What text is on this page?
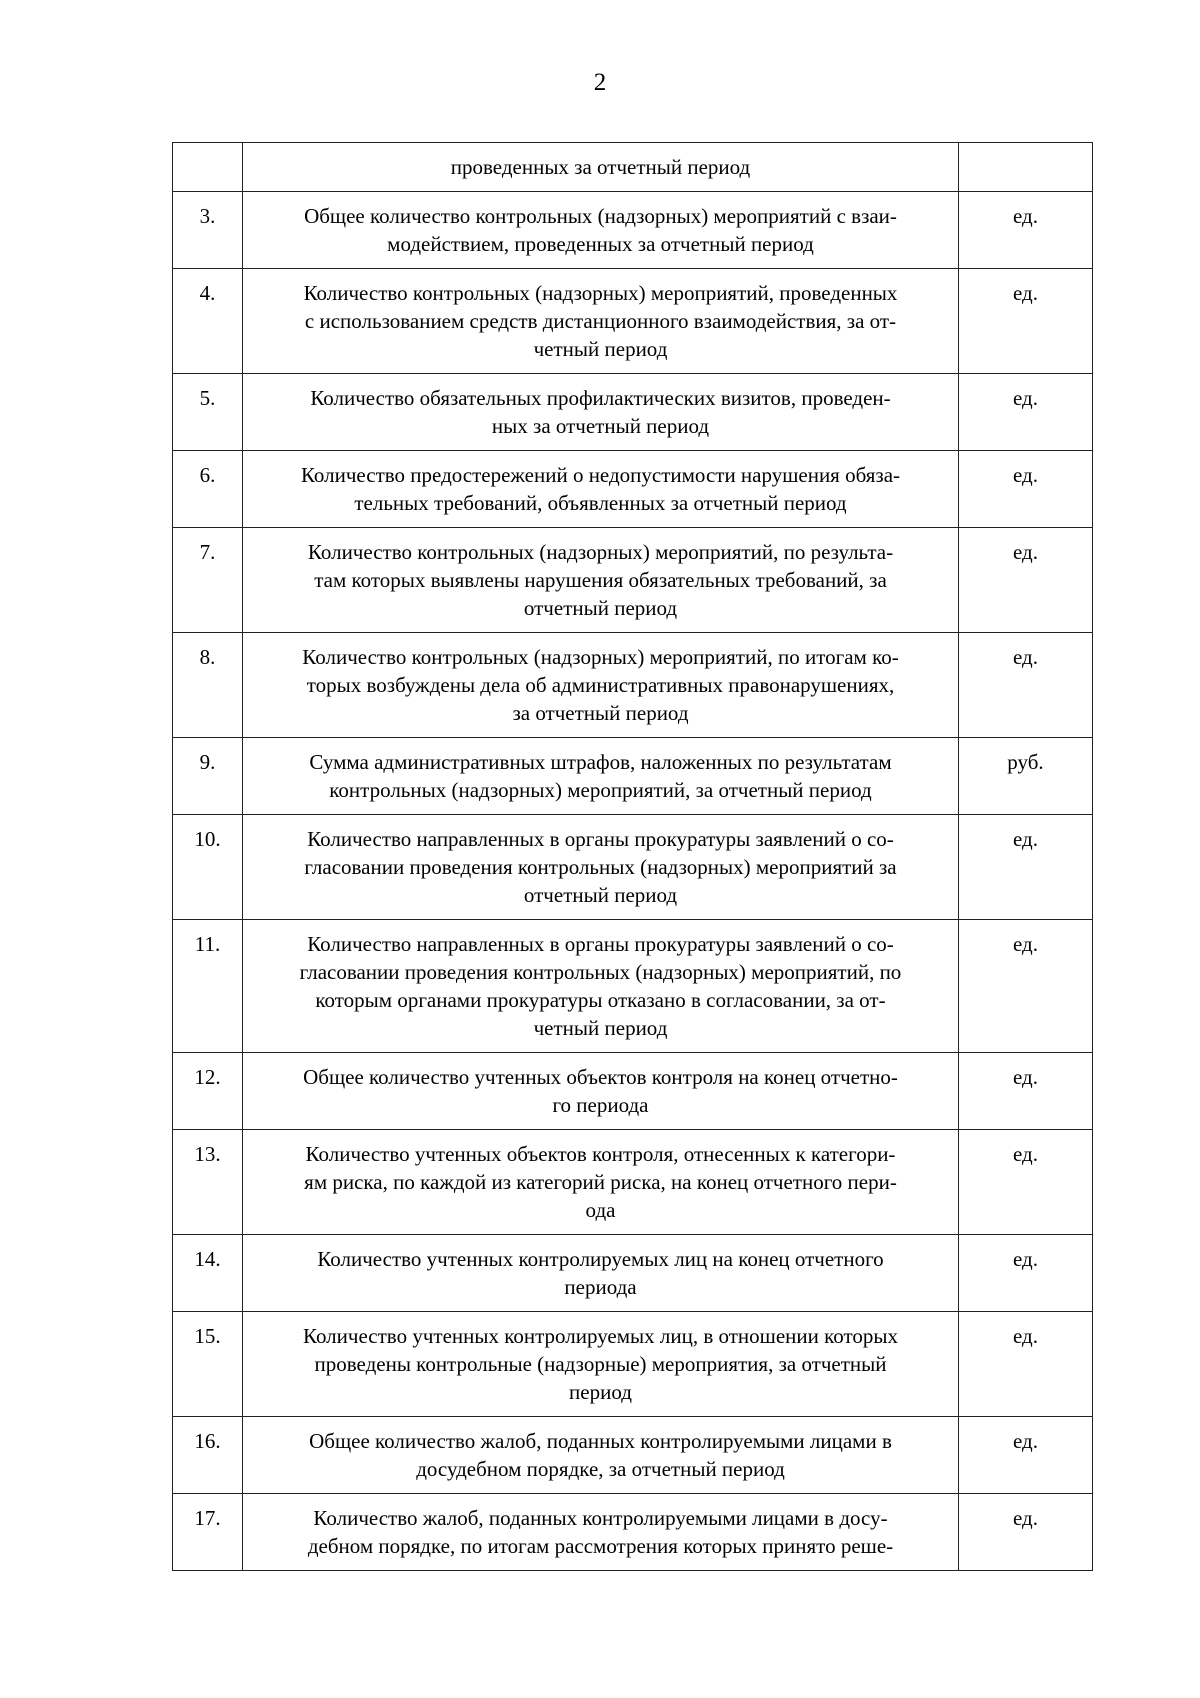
2

	проведенных за отчетный период	

3.	Общее количество контрольных (надзорных) мероприятий с взаи-
модействием, проведенных за отчетный период	ед.
4.	Количество контрольных (надзорных) мероприятий, проведенных
с использованием средств дистанционного взаимодействия, за от-
четный период	ед.
5.	Количество обязательных профилактических визитов, проведен-
ных за отчетный период	ед.
6.	Количество предостережений о недопустимости нарушения обяза-
тельных требований, объявленных за отчетный период	ед.
7.	Количество контрольных (надзорных) мероприятий, по результа-
там которых выявлены нарушения обязательных требований, за
отчетный период	ед.
8.	Количество контрольных (надзорных) мероприятий, по итогам ко-
торых возбуждены дела об административных правонарушениях,
за отчетный период	ед.
9.	Сумма административных штрафов, наложенных по результатам
контрольных (надзорных) мероприятий, за отчетный период	руб.
10.	Количество направленных в органы прокуратуры заявлений о со-
гласовании проведения контрольных (надзорных) мероприятий за
отчетный период	ед.
11.	Количество направленных в органы прокуратуры заявлений о со-
гласовании проведения контрольных (надзорных) мероприятий, по
которым органами прокуратуры отказано в согласовании, за от-
четный период	ед.
12.	Общее количество учтенных объектов контроля на конец отчетно-
го периода	ед.
13.	Количество учтенных объектов контроля, отнесенных к категори-
ям риска, по каждой из категорий риска, на конец отчетного пери-
ода	ед.
14.	Количество учтенных контролируемых лиц на конец отчетного
периода	ед.
15.	Количество учтенных контролируемых лиц, в отношении которых
проведены контрольные (надзорные) мероприятия, за отчетный
период	ед.
16.	Общее количество жалоб, поданных контролируемыми лицами в
досудебном порядке, за отчетный период	ед.
17.	Количество жалоб, поданных контролируемыми лицами в досу-
дебном порядке, по итогам рассмотрения которых принято реше-	ед.
